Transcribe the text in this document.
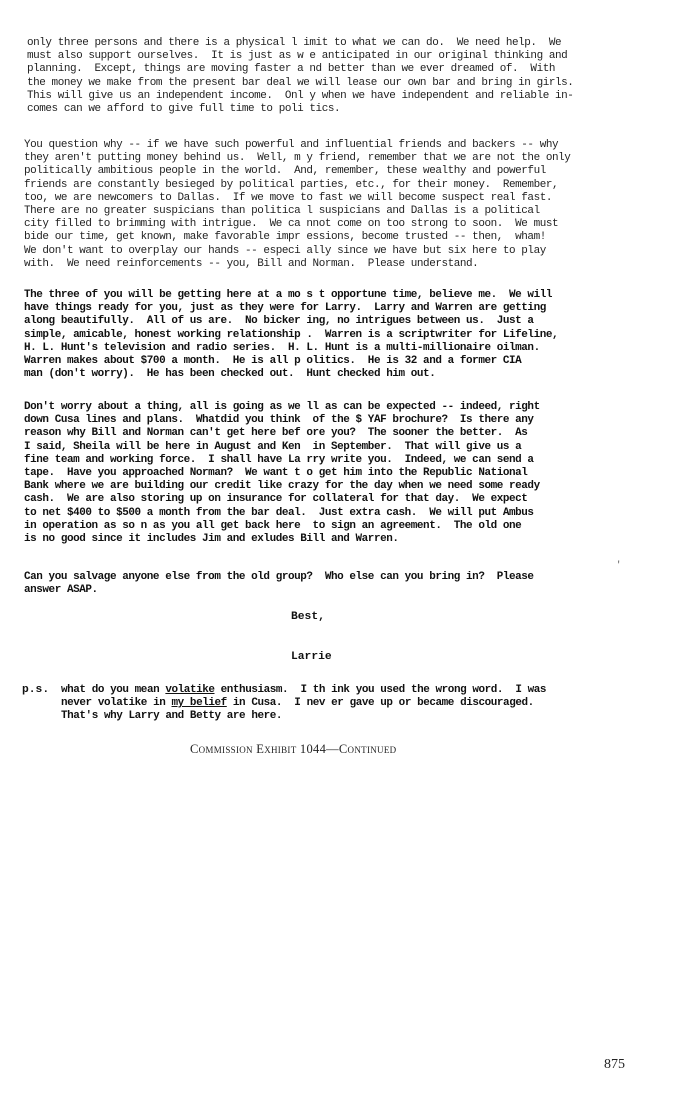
only three persons and there is a physical l imit to what we can do.  We need help.  We
must also support ourselves.  It is just as w e anticipated in our original thinking and
planning.  Except, things are moving faster a nd better than we ever dreamed of.  With
the money we make from the present bar deal we will lease our own bar and bring in girls.
This will give us an independent income.  Onl y when we have independent and reliable in-
comes can we afford to give full time to poli tics.
You question why -- if we have such powerful and influential friends and backers -- why
they aren't putting money behind us.  Well, m y friend, remember that we are not the only
politically ambitious people in the world.  And, remember, these wealthy and powerful
friends are constantly besieged by political parties, etc., for their money.  Remember,
too, we are newcomers to Dallas.  If we move to fast we will become suspect real fast.
There are no greater suspicians than politica l suspicians and Dallas is a political
city filled to brimming with intrigue.  We ca nnot come on too strong to soon.  We must
bide our time, get known, make favorable impr essions, become trusted -- then,  wham!
We don't want to overplay our hands -- especi ally since we have but six here to play
with.  We need reinforcements -- you, Bill and Norman.  Please understand.
The three of you will be getting here at a mo s t opportune time, believe me.  We will
have things ready for you, just as they were for Larry.  Larry and Warren are getting
along beautifully.  All of us are.  No bicker ing, no intrigues between us.  Just a
simple, amicable, honest working relationship .  Warren is a scriptwriter for Lifeline,
H. L. Hunt's television and radio series.  H. L. Hunt is a multi-millionaire oilman.
Warren makes about $700 a month.  He is all p olitics.  He is 32 and a former CIA
man (don't worry).  He has been checked out.  Hunt checked him out.
Don't worry about a thing, all is going as we ll as can be expected -- indeed, right
down Cusa lines and plans.  Whatdid you think  of the $ YAF brochure?  Is there any
reason why Bill and Norman can't get here bef ore you?  The sooner the better.  As
I said, Sheila will be here in August and Ken  in September.  That will give us a
fine team and working force.  I shall have La rry write you.  Indeed, we can send a
tape.  Have you approached Norman?  We want t o get him into the Republic National
Bank where we are building our credit like crazy for the day when we need some ready
cash.  We are also storing up on insurance for collateral for that day.  We expect
to net $400 to $500 a month from the bar deal.  Just extra cash.  We will put Ambus
in operation as so n as you all get back here  to sign an agreement.  The old one
is no good since it includes Jim and exludes Bill and Warren.
Can you salvage anyone else from the old group?  Who else can you bring in?  Please
answer ASAP.
'
Best,
Larrie
p.s. what do you mean volatike enthusiasm.  I th ink you used the wrong word.  I was
never volatike in my belief in Cusa.  I nev er gave up or became discouraged.
That's why Larry and Betty are here.
Commission Exhibit 1044—Continued
875
